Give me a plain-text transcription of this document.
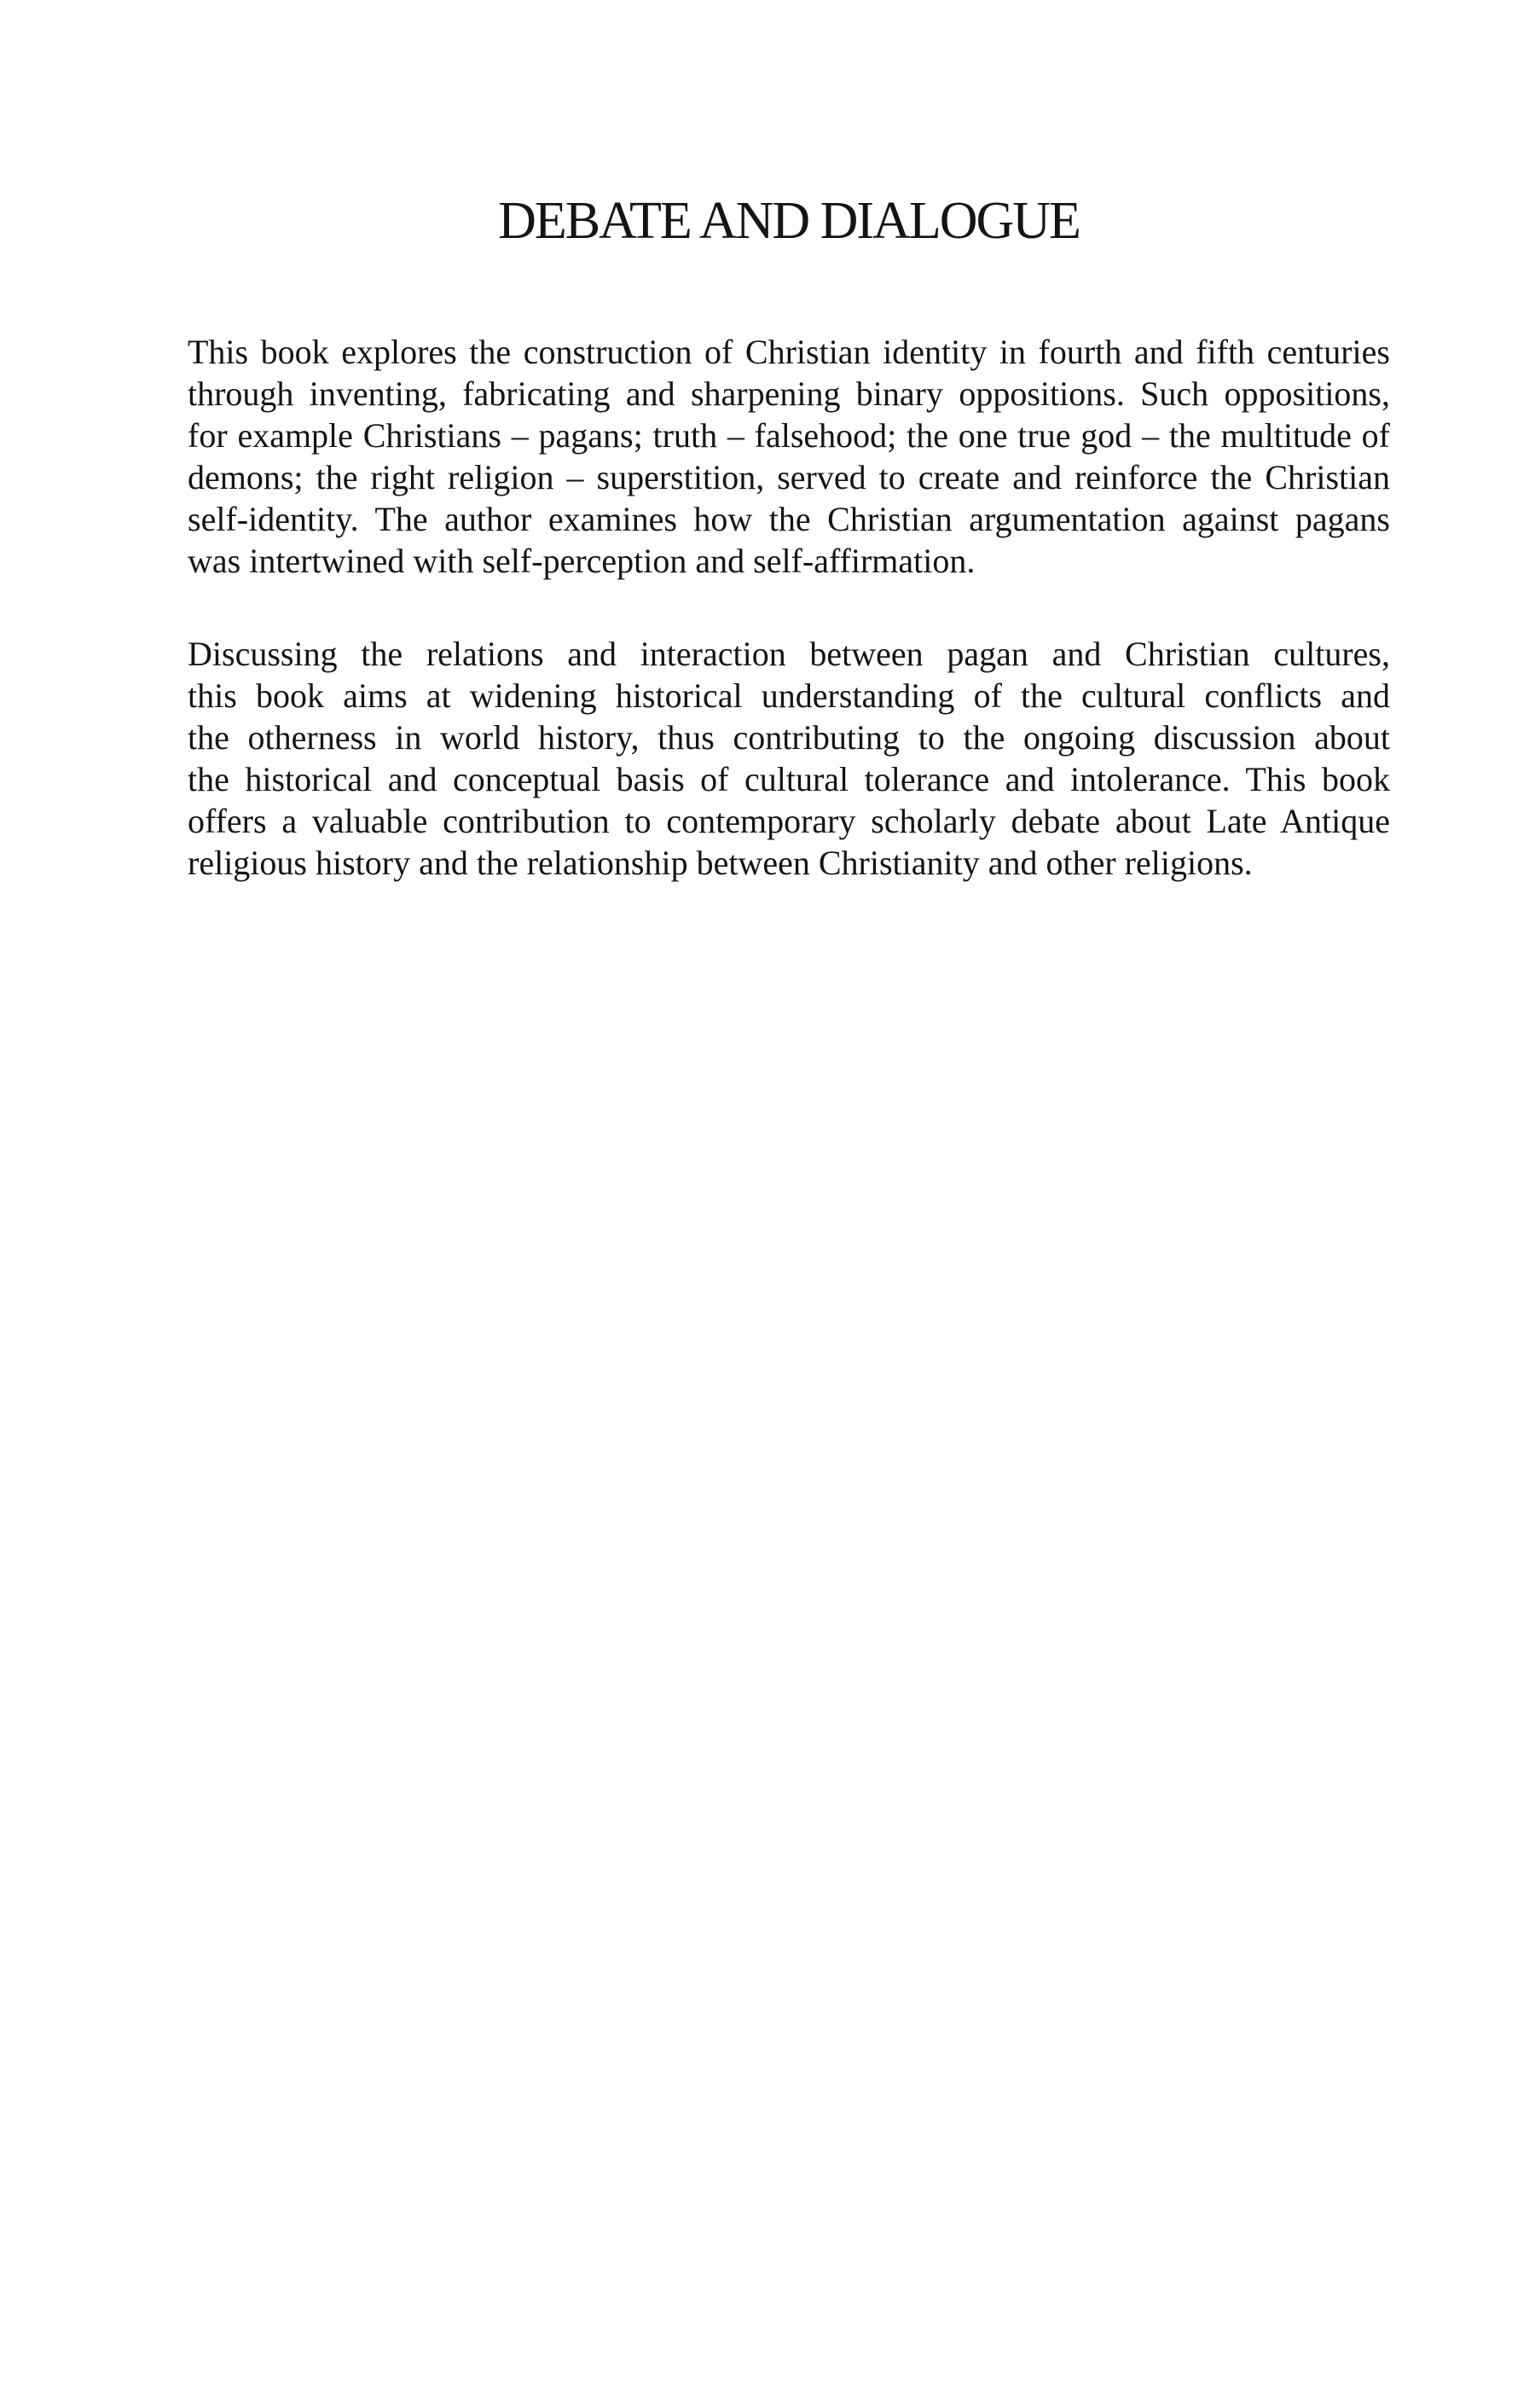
DEBATE AND DIALOGUE
This book explores the construction of Christian identity in fourth and fifth centuries
through inventing, fabricating and sharpening binary oppositions. Such oppositions,
for example Christians – pagans; truth – falsehood; the one true god – the multitude of
demons; the right religion – superstition, served to create and reinforce the Christian
self-identity. The author examines how the Christian argumentation against pagans
was intertwined with self-perception and self-affirmation.
Discussing the relations and interaction between pagan and Christian cultures,
this book aims at widening historical understanding of the cultural conflicts and
the otherness in world history, thus contributing to the ongoing discussion about
the historical and conceptual basis of cultural tolerance and intolerance. This book
offers a valuable contribution to contemporary scholarly debate about Late Antique
religious history and the relationship between Christianity and other religions.
